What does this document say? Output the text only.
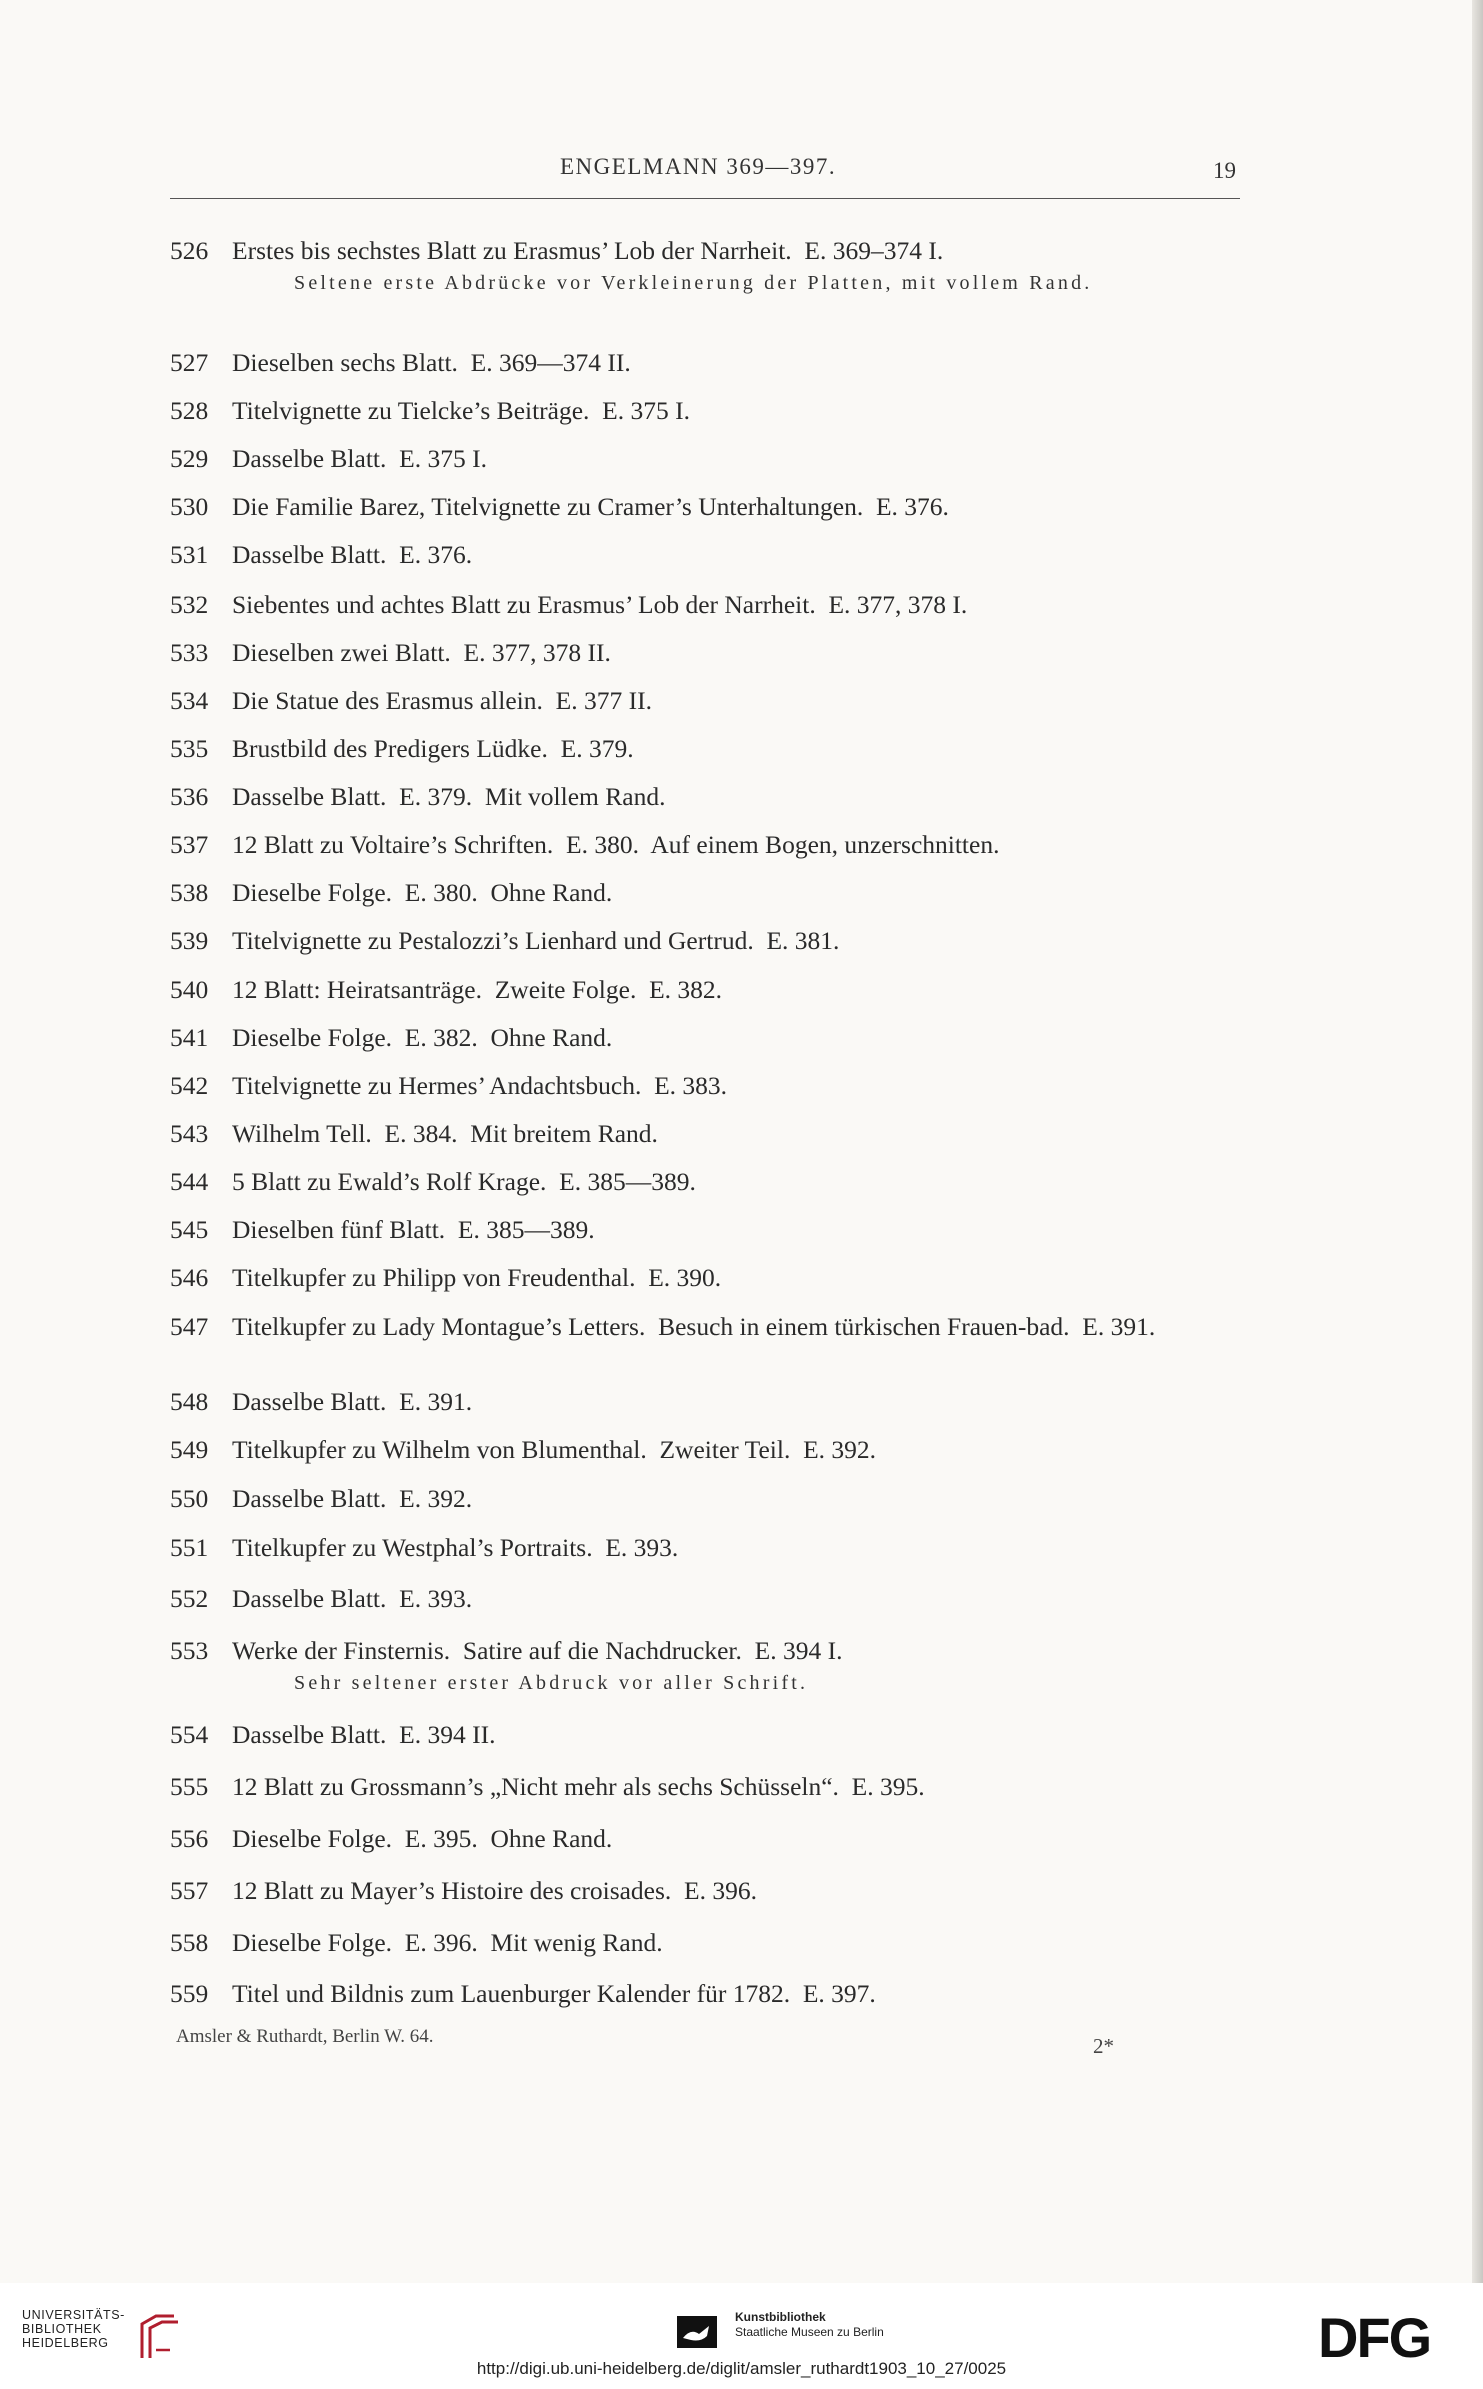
ENGELMANN 369—397.	19
526 Erstes bis sechstes Blatt zu Erasmus’ Lob der Narrheit.  E. 369–374 I.
Seltene erste Abdrücke vor Verkleinerung der Platten, mit vollem Rand.
527 Dieselben sechs Blatt.  E. 369—374 II.
528 Titelvignette zu Tielcke’s Beiträge.  E. 375 I.
529 Dasselbe Blatt.  E. 375 I.
530 Die Familie Barez, Titelvignette zu Cramer’s Unterhaltungen.  E. 376.
531 Dasselbe Blatt.  E. 376.
532 Siebentes und achtes Blatt zu Erasmus’ Lob der Narrheit.  E. 377, 378 I.
533 Dieselben zwei Blatt.  E. 377, 378 II.
534 Die Statue des Erasmus allein.  E. 377 II.
535 Brustbild des Predigers Lüdke.  E. 379.
536 Dasselbe Blatt.  E. 379.  Mit vollem Rand.
537 12 Blatt zu Voltaire’s Schriften.  E. 380.  Auf einem Bogen, unzerschnitten.
538 Dieselbe Folge.  E. 380.  Ohne Rand.
539 Titelvignette zu Pestalozzi’s Lienhard und Gertrud.  E. 381.
540 12 Blatt: Heiratsanträge.  Zweite Folge.  E. 382.
541 Dieselbe Folge.  E. 382.  Ohne Rand.
542 Titelvignette zu Hermes’ Andachtsbuch.  E. 383.
543 Wilhelm Tell.  E. 384.  Mit breitem Rand.
544 5 Blatt zu Ewald’s Rolf Krage.  E. 385—389.
545 Dieselben fünf Blatt.  E. 385—389.
546 Titelkupfer zu Philipp von Freudenthal.  E. 390.
547 Titelkupfer zu Lady Montague’s Letters.  Besuch in einem türkischen Frauen-bad.  E. 391.
548 Dasselbe Blatt.  E. 391.
549 Titelkupfer zu Wilhelm von Blumenthal.  Zweiter Teil.  E. 392.
550 Dasselbe Blatt.  E. 392.
551 Titelkupfer zu Westphal’s Portraits.  E. 393.
552 Dasselbe Blatt.  E. 393.
553 Werke der Finsternis.  Satire auf die Nachdrucker.  E. 394 I.
Sehr seltener erster Abdruck vor aller Schrift.
554 Dasselbe Blatt.  E. 394 II.
555 12 Blatt zu Grossmann’s „Nicht mehr als sechs Schüsseln“.  E. 395.
556 Dieselbe Folge.  E. 395.  Ohne Rand.
557 12 Blatt zu Mayer’s Histoire des croisades.  E. 396.
558 Dieselbe Folge.  E. 396.  Mit wenig Rand.
559 Titel und Bildnis zum Lauenburger Kalender für 1782.  E. 397.
Amsler & Ruthardt, Berlin W. 64.	2*
UNIVERSITÄTS-
BIBLIOTHEK
HEIDELBERG
Kunstbibliothek
Staatliche Museen zu Berlin	DFG
http://digi.ub.uni-heidelberg.de/diglit/amsler_ruthardt1903_10_27/0025
